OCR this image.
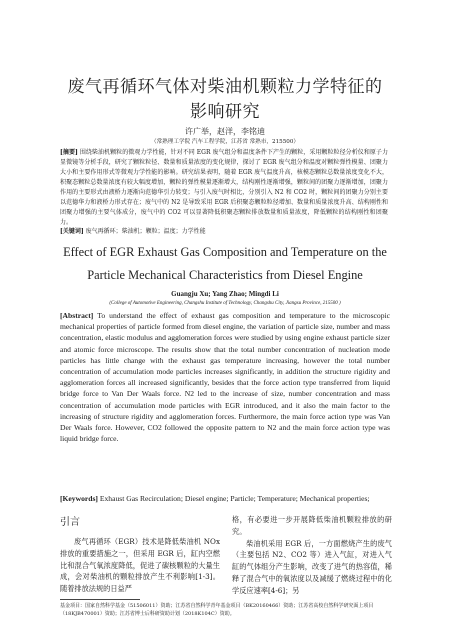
废气再循环气体对柴油机颗粒力学特征的
影响研究
许广举，赵洋，李铭迪
（常熟理工学院 汽车工程学院，江苏省 常熟市，215500）
[摘要] 围绕柴油机颗粒的微观力学性能，针对不同 EGR 废气组分和温度条件下产生的颗粒，采用颗粒粒径分析仪和原子力显微镜等分析手段，研究了颗粒粒径、数量和质量浓度的变化规律，探讨了 EGR 废气组分和温度对颗粒弹性模量、团聚力大小和主要作用形式等微观力学性能的影响。研究结果表明，随着 EGR 废气温度升高，核模态颗粒总数量浓度变化不大，积聚态颗粒总数量浓度有较大幅度增加，颗粒的弹性模量逐渐增大，结构刚性逐渐增强，颗粒间的团聚力逐渐增加，团聚力作用的主要形式由液桥力逐渐向范德华引力转变；与引入废气时相比，分别引入 N2 和 CO2 时，颗粒间的团聚力分别主要以范德华力和液桥力形式存在；废气中的 N2 是导致采用 EGR 后积聚态颗粒粒径增加、数量和质量浓度升高、结构刚性和团聚力增强的主要气体成分，废气中的 CO2 可以显著降低积聚态颗粒排放数量和质量浓度，降低颗粒的结构刚性和团聚力。
[关键词] 废气再循环；柴油机；颗粒；温度；力学性能
Effect of EGR Exhaust Gas Composition and Temperature on the
Particle Mechanical Characteristics from Diesel Engine
Guangju Xu; Yang Zhao; Mingdi Li
(College of Automotive Engineering, Changshu Institute of Technology, Changshu City, Jiangsu Province, 215500 )
[Abstract] To understand the effect of exhaust gas composition and temperature to the microscopic mechanical properties of particle formed from diesel engine, the variation of particle size, number and mass concentration, elastic modulus and agglomeration forces were studied by using engine exhaust particle sizer and atomic force microscope. The results show that the total number concentration of nucleation mode particles has little change with the exhaust gas temperature increasing, however the total number concentration of accumulation mode particles increases significantly, in addition the structure rigidity and agglomeration forces all increased significantly, besides that the force action type transferred from liquid bridge force to Van Der Waals force. N2 led to the increase of size, number concentration and mass concentration of accumulation mode particles with EGR introduced, and it also the main factor to the increasing of structure rigidity and agglomeration forces. Furthermore, the main force action type was Van Der Waals force. However, CO2 followed the opposite pattern to N2 and the main force action type was liquid bridge force.
[Keywords] Exhaust Gas Recirculation; Diesel engine; Particle; Temperature; Mechanical properties;
引言

废气再循环（EGR）技术是降低柴油机 NOx 排放的重要措施之一，但采用 EGR 后，缸内空燃比和混合气氧浓度降低，促进了碳核颗粒的大量生成，会对柴油机的颗粒排放产生不利影响[1-3]。随着排放法规的日益严

格，有必要进一步开展降低柴油机颗粒排放的研究。

柴油机采用 EGR 后，一方面燃烧产生的废气（主要包括 N2、CO2 等）进入气缸，对进入气缸的气体组分产生影响，改变了进气的热容值，稀释了混合气中的氧浓度以及减缓了燃烧过程中的化学反应速率[4-6]；另

基金项目：国家自然科学基金（51506011）资助；江苏省自然科学青年基金项目（BK20160466）资助；江苏省高校自然科学研究面上项目（18KJB470001）资助；江苏省博士后科研资助计划（2018K104C）资助。
